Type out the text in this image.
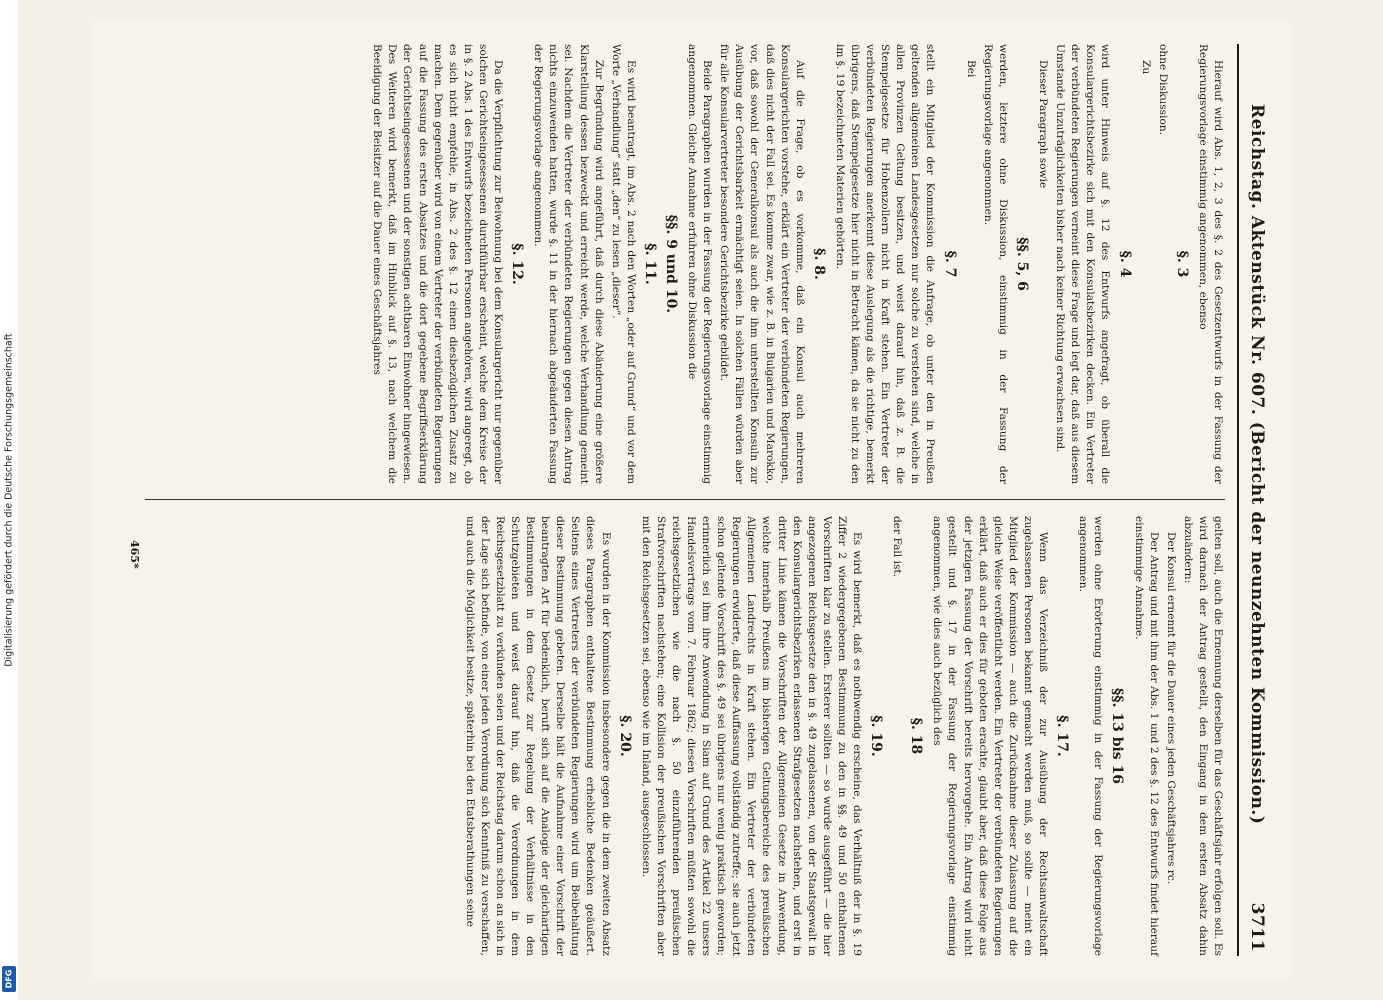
Reichstag. Aktenstück Nr. 607. (Bericht der neunzehnten Kommission.)
3711
Hierauf wird Abs. 1, 2, 3 des §. 2 des Gesetzentwurfs in der Fassung der Regierungsvorlage einstimmig angenommen, ebenso
§. 3
ohne Diskussion.
Zu
§. 4
wird unter Hinweis auf §. 12 des Entwurfs angefragt, ob überall die Konsulargerichtsbezirke sich mit den Konsulatsbezirken decken. Ein Vertreter der verbündeten Regierungen verneint diese Frage und legt dar, daß aus diesem Umstande Unzuträglichkeiten bisher nach keiner Richtung erwachsen sind.
Dieser Paragraph sowie
§§. 5, 6
werden, letztere ohne Diskussion, einstimmig in der Fassung der Regierungsvorlage angenommen.
Bei
§. 7
stellt ein Mitglied der Kommission die Anfrage, ob unter den in Preußen geltenden allgemeinen Landesgesetzen nur solche zu verstehen sind, welche in allen Provinzen Geltung besitzen, und weist darauf hin, daß z. B. die Stempelgesetze für Hohenzollern nicht in Kraft stehen. Ein Vertreter der verbündeten Regierungen anerkennt diese Auslegung als die richtige, bemerkt übrigens, daß Stempelgesetze hier nicht in Betracht kämen, da sie nicht zu den im §. 19 bezeichneten Materien gehörten.
§. 8.
Auf die Frage, ob es vorkomme, daß ein Konsul auch mehreren Konsulargerichten vorstehe, erklärt ein Vertreter der verbündeten Regierungen, daß dies nicht der Fall sei. Es komme zwar, wie z. B. in Bulgarien und Marokko, vor, daß sowohl der Generalkonsul als auch die ihm unterstellten Konsuln zur Ausübung der Gerichtsbarkeit ermächtigt seien. In solchen Fällen würden aber für alle Konsularvertreter besondere Gerichtsbezirke gebildet.
Beide Paragraphen wurden in der Fassung der Regierungsvorlage einstimmig angenommen. Gleiche Annahme erfuhren ohne Diskussion die
§§. 9 und 10.
§. 11.
Es wird beantragt, im Abs. 2 nach den Worten „oder auf Grund“ und vor dem Worte „Verhandlung“ statt „den“ zu lesen „dieser“.
Zur Begründung wird angeführt, daß durch diese Abänderung eine größere Klarstellung dessen bezweckt und erreicht werde, welche Verhandlung gemeint sei. Nachdem die Vertreter der verbündeten Regierungen gegen diesen Antrag nichts einzuwenden hatten, wurde §. 11 in der hiernach abgeänderten Fassung der Regierungsvorlage angenommen.
§. 12.
Da die Verpflichtung zur Beiwohnung bei dem Konsulargericht nur gegenüber solchen Gerichtseingesessenen durchführbar erscheint, welche dem Kreise der in §. 2 Abs. 1 des Entwurfs bezeichneten Personen angehören, wird angeregt, ob es sich nicht empfehle, in Abs. 2 des §. 12 einen diesbezüglichen Zusatz zu machen. Dem gegenüber wird von einem Vertreter der verbündeten Regierungen auf die Fassung des ersten Absatzes und die dort gegebene Begriffserklärung der Gerichtseingesessenen und der sonstigen achtbaren Einwohner hingewiesen. Des Weiteren wird bemerkt, daß im Hinblick auf §. 13, nach welchem die Beeidigung der Beisitzer auf die Dauer eines Geschäftsjahres
gelten soll, auch die Ernennung derselben für das Geschäftsjahr erfolgen soll. Es wird darnach der Antrag gestellt, den Eingang in dem ersten Absatz dahin abzuändern:
Der Konsul ernennt für die Dauer eines jeden Geschäftsjahres rc.
Der Antrag und mit ihm der Abs. 1 und 2 des §. 12 des Entwurfs findet hierauf einstimmige Annahme.
§§. 13 bis 16
werden ohne Erörterung einstimmig in der Fassung der Regierungsvorlage angenommen.
§. 17.
Wenn das Verzeichniß der zur Ausübung der Rechtsanwaltschaft zugelassenen Personen bekannt gemacht werden muß, so sollte — meint ein Mitglied der Kommission — auch die Zurücknahme dieser Zulassung auf die gleiche Weise veröffentlicht werden. Ein Vertreter der verbündeten Regierungen erklärt, daß auch er dies für geboten erachte, glaubt aber, daß diese Folge aus der jetzigen Fassung der Vorschrift bereits hervorgehe. Ein Antrag wird nicht gestellt und §. 17 in der Fassung der Regierungsvorlage einstimmig angenommen, wie dies auch bezüglich des
§. 18
der Fall ist.
§. 19.
Es wird bemerkt, daß es nothwendig erscheine, das Verhältniß der in §. 19 Ziffer 2 wiedergegebenen Bestimmung zu den in §§. 49 und 50 enthaltenen Vorschriften klar zu stellen. Ersterer sollten — so wurde ausgeführt — die hier angezogenen Reichsgesetze den in §. 49 zugelassenen, von der Staatsgewalt in den Konsulargerichtsbezirken erlassenen Strafgesetzen nachstehen, und erst in dritter Linie kämen die Vorschriften der Allgemeinen Gesetze in Anwendung, welche innerhalb Preußens im bisherigen Geltungsbereiche des preußischen Allgemeinen Landrechts in Kraft stehen. Ein Vertreter der verbündeten Regierungen erwiderte, daß diese Auffassung vollständig zutreffe; sie auch jetzt schon geltende Vorschrift des §. 49 sei übrigens nur wenig praktisch geworden; erinnerlich sei ihm ihre Anwendung in Siam auf Grund des Artikel 22 unsers Handelsvertrags vom 7. Februar 1862; diesen Vorschriften müßten sowohl die reichsgesetzlichen wie die nach §. 50 einzuführenden preußischen Strafvorschriften nachstehen; eine Kollision der preußischen Vorschriften aber mit den Reichsgesetzen sei, ebenso wie im Inland, ausgeschlossen.
§. 20.
Es wurden in der Kommission insbesondere gegen die in dem zweiten Absatz dieses Paragraphen enthaltene Bestimmung erhebliche Bedenken geäußert. Seitens eines Vertreters der verbündeten Regierungen wird um Beibehaltung dieser Bestimmung gebeten. Derselbe hält die Aufnahme einer Vorschrift der beantragten Art für bedenklich, beruft sich auf die Analogie der gleichartigen Bestimmungen in dem Gesetz zur Regelung der Verhältnisse in den Schutzgebieten und weist darauf hin, daß die Verordnungen in dem Reichsgesetzblatt zu verkünden seien und der Reichstag darum schon an sich in der Lage sich befinde, von einer jeden Verordnung sich Kenntniß zu verschaffen, und auch die Möglichkeit besitze, späterhin bei den Etatsberathungen seine
465*
Digitalisierung gefördert durch die Deutsche Forschungsgemeinschaft
DFG
